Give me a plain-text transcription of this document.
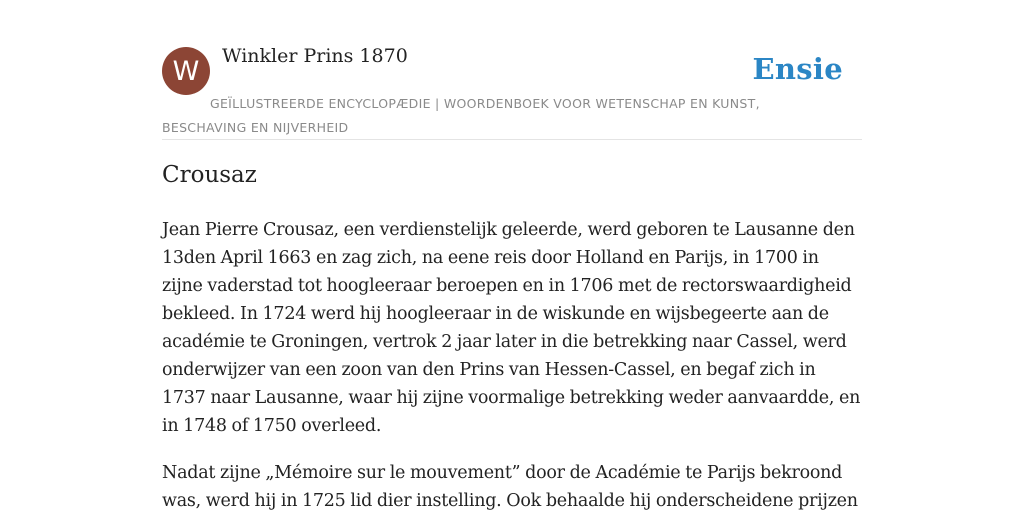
W Winkler Prins 1870	Ensie
GEÏLLUSTREERDE ENCYCLOPÆDIE | WOORDENBOEK VOOR WETENSCHAP EN KUNST, BESCHAVING EN NIJVERHEID
Crousaz

Jean Pierre Crousaz, een verdienstelijk geleerde, werd geboren te Lausanne den 13den April 1663 en zag zich, na eene reis door Holland en Parijs, in 1700 in zijne vaderstad tot hoogleeraar beroepen en in 1706 met de rectorswaardigheid bekleed. In 1724 werd hij hoogleeraar in de wiskunde en wijsbegeerte aan de académie te Groningen, vertrok 2 jaar later in die betrekking naar Cassel, werd onderwijzer van een zoon van den Prins van Hessen-Cassel, en begaf zich in 1737 naar Lausanne, waar hij zijne voormalige betrekking weder aanvaardde, en in 1748 of 1750 overleed.

Nadat zijne „Mémoire sur le mouvement” door de Académie te Parijs bekroond was, werd hij in 1725 lid dier instelling. Ook behaalde hij onderscheidene prijzen
